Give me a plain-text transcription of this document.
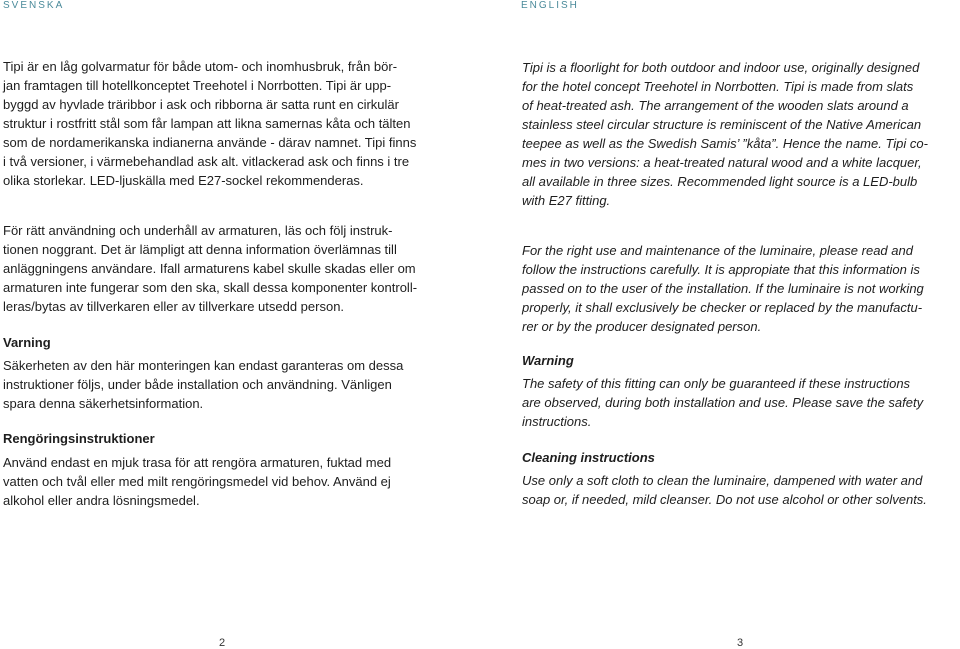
SVENSKA	ENGLISH
Tipi är en låg golvarmatur för både utom- och inomhusbruk, från bör-
jan framtagen till hotellkonceptet Treehotel i Norrbotten. Tipi är upp-
byggd av hyvlade träribbor i ask och ribborna är satta runt en cirkulär
struktur i rostfritt stål som får lampan att likna samernas kåta och tälten
som de nordamerikanska indianerna använde - därav namnet. Tipi finns
i två versioner, i värmebehandlad ask alt. vitlackerad ask och finns i tre
olika storlekar. LED-ljuskälla med E27-sockel rekommenderas.
För rätt användning och underhåll av armaturen, läs och följ instruk-
tionen noggrant. Det är lämpligt att denna information överlämnas till
anläggningens användare. Ifall armaturens kabel skulle skadas eller om
armaturen inte fungerar som den ska, skall dessa komponenter kontroll-
leras/bytas av tillverkaren eller av tillverkare utsedd person.
Varning
Säkerheten av den här monteringen kan endast garanteras om dessa
instruktioner följs, under både installation och användning. Vänligen
spara denna säkerhetsinformation.
Rengöringsinstruktioner
Använd endast en mjuk trasa för att rengöra armaturen, fuktad med
vatten och tvål eller med milt rengöringsmedel vid behov. Använd ej
alkohol eller andra lösningsmedel.
Tipi is a floorlight for both outdoor and indoor use, originally designed
for the hotel concept Treehotel in Norrbotten. Tipi is made from slats
of heat-treated ash. The arrangement of the wooden slats around a
stainless steel circular structure is reminiscent of the Native American
teepee as well as the Swedish Samis’ ”kåta”. Hence the name. Tipi co-
mes in two versions: a heat-treated natural wood and a white lacquer,
all available in three sizes. Recommended light source is a LED-bulb
with E27 fitting.
For the right use and maintenance of the luminaire, please read and
follow the instructions carefully. It is appropiate that this information is
passed on to the user of the installation. If the luminaire is not working
properly, it shall exclusively be checker or replaced by the manufactu-
rer or by the producer designated person.
Warning
The safety of this fitting can only be guaranteed if these instructions
are observed, during both installation and use. Please save the safety
instructions.
Cleaning instructions
Use only a soft cloth to clean the luminaire, dampened with water and
soap or, if needed, mild cleanser. Do not use alcohol or other solvents.
2	3
